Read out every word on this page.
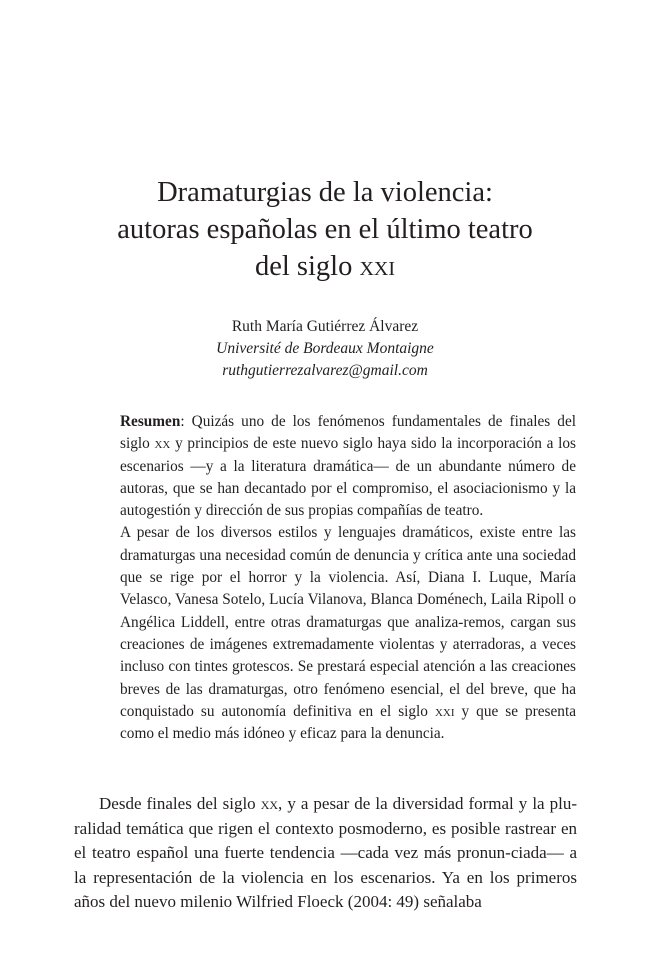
Dramaturgias de la violencia:
autoras españolas en el último teatro
del siglo xxi
Ruth María Gutiérrez Álvarez
Université de Bordeaux Montaigne
ruthgutierrezalvarez@gmail.com

Resumen: Quizás uno de los fenómenos fundamentales de finales del siglo xx y principios de este nuevo siglo haya sido la incorporación a los escenarios —y a la literatura dramática— de un abundante número de autoras, que se han decantado por el compromiso, el asociacionismo y la autogestión y dirección de sus propias compañías de teatro.

A pesar de los diversos estilos y lenguajes dramáticos, existe entre las dramaturgas una necesidad común de denuncia y crítica ante una sociedad que se rige por el horror y la violencia. Así, Diana I. Luque, María Velasco, Vanesa Sotelo, Lucía Vilanova, Blanca Doménech, Laila Ripoll o Angélica Liddell, entre otras dramaturgas que analiza-remos, cargan sus creaciones de imágenes extremadamente violentas y aterradoras, a veces incluso con tintes grotescos. Se prestará especial atención a las creaciones breves de las dramaturgas, otro fenómeno esencial, el del breve, que ha conquistado su autonomía definitiva en el siglo xxi y que se presenta como el medio más idóneo y eficaz para la denuncia.

Desde finales del siglo xx, y a pesar de la diversidad formal y la plu-ralidad temática que rigen el contexto posmoderno, es posible rastrear en el teatro español una fuerte tendencia —cada vez más pronun-ciada— a la representación de la violencia en los escenarios. Ya en los primeros años del nuevo milenio Wilfried Floeck (2004: 49) señalaba
